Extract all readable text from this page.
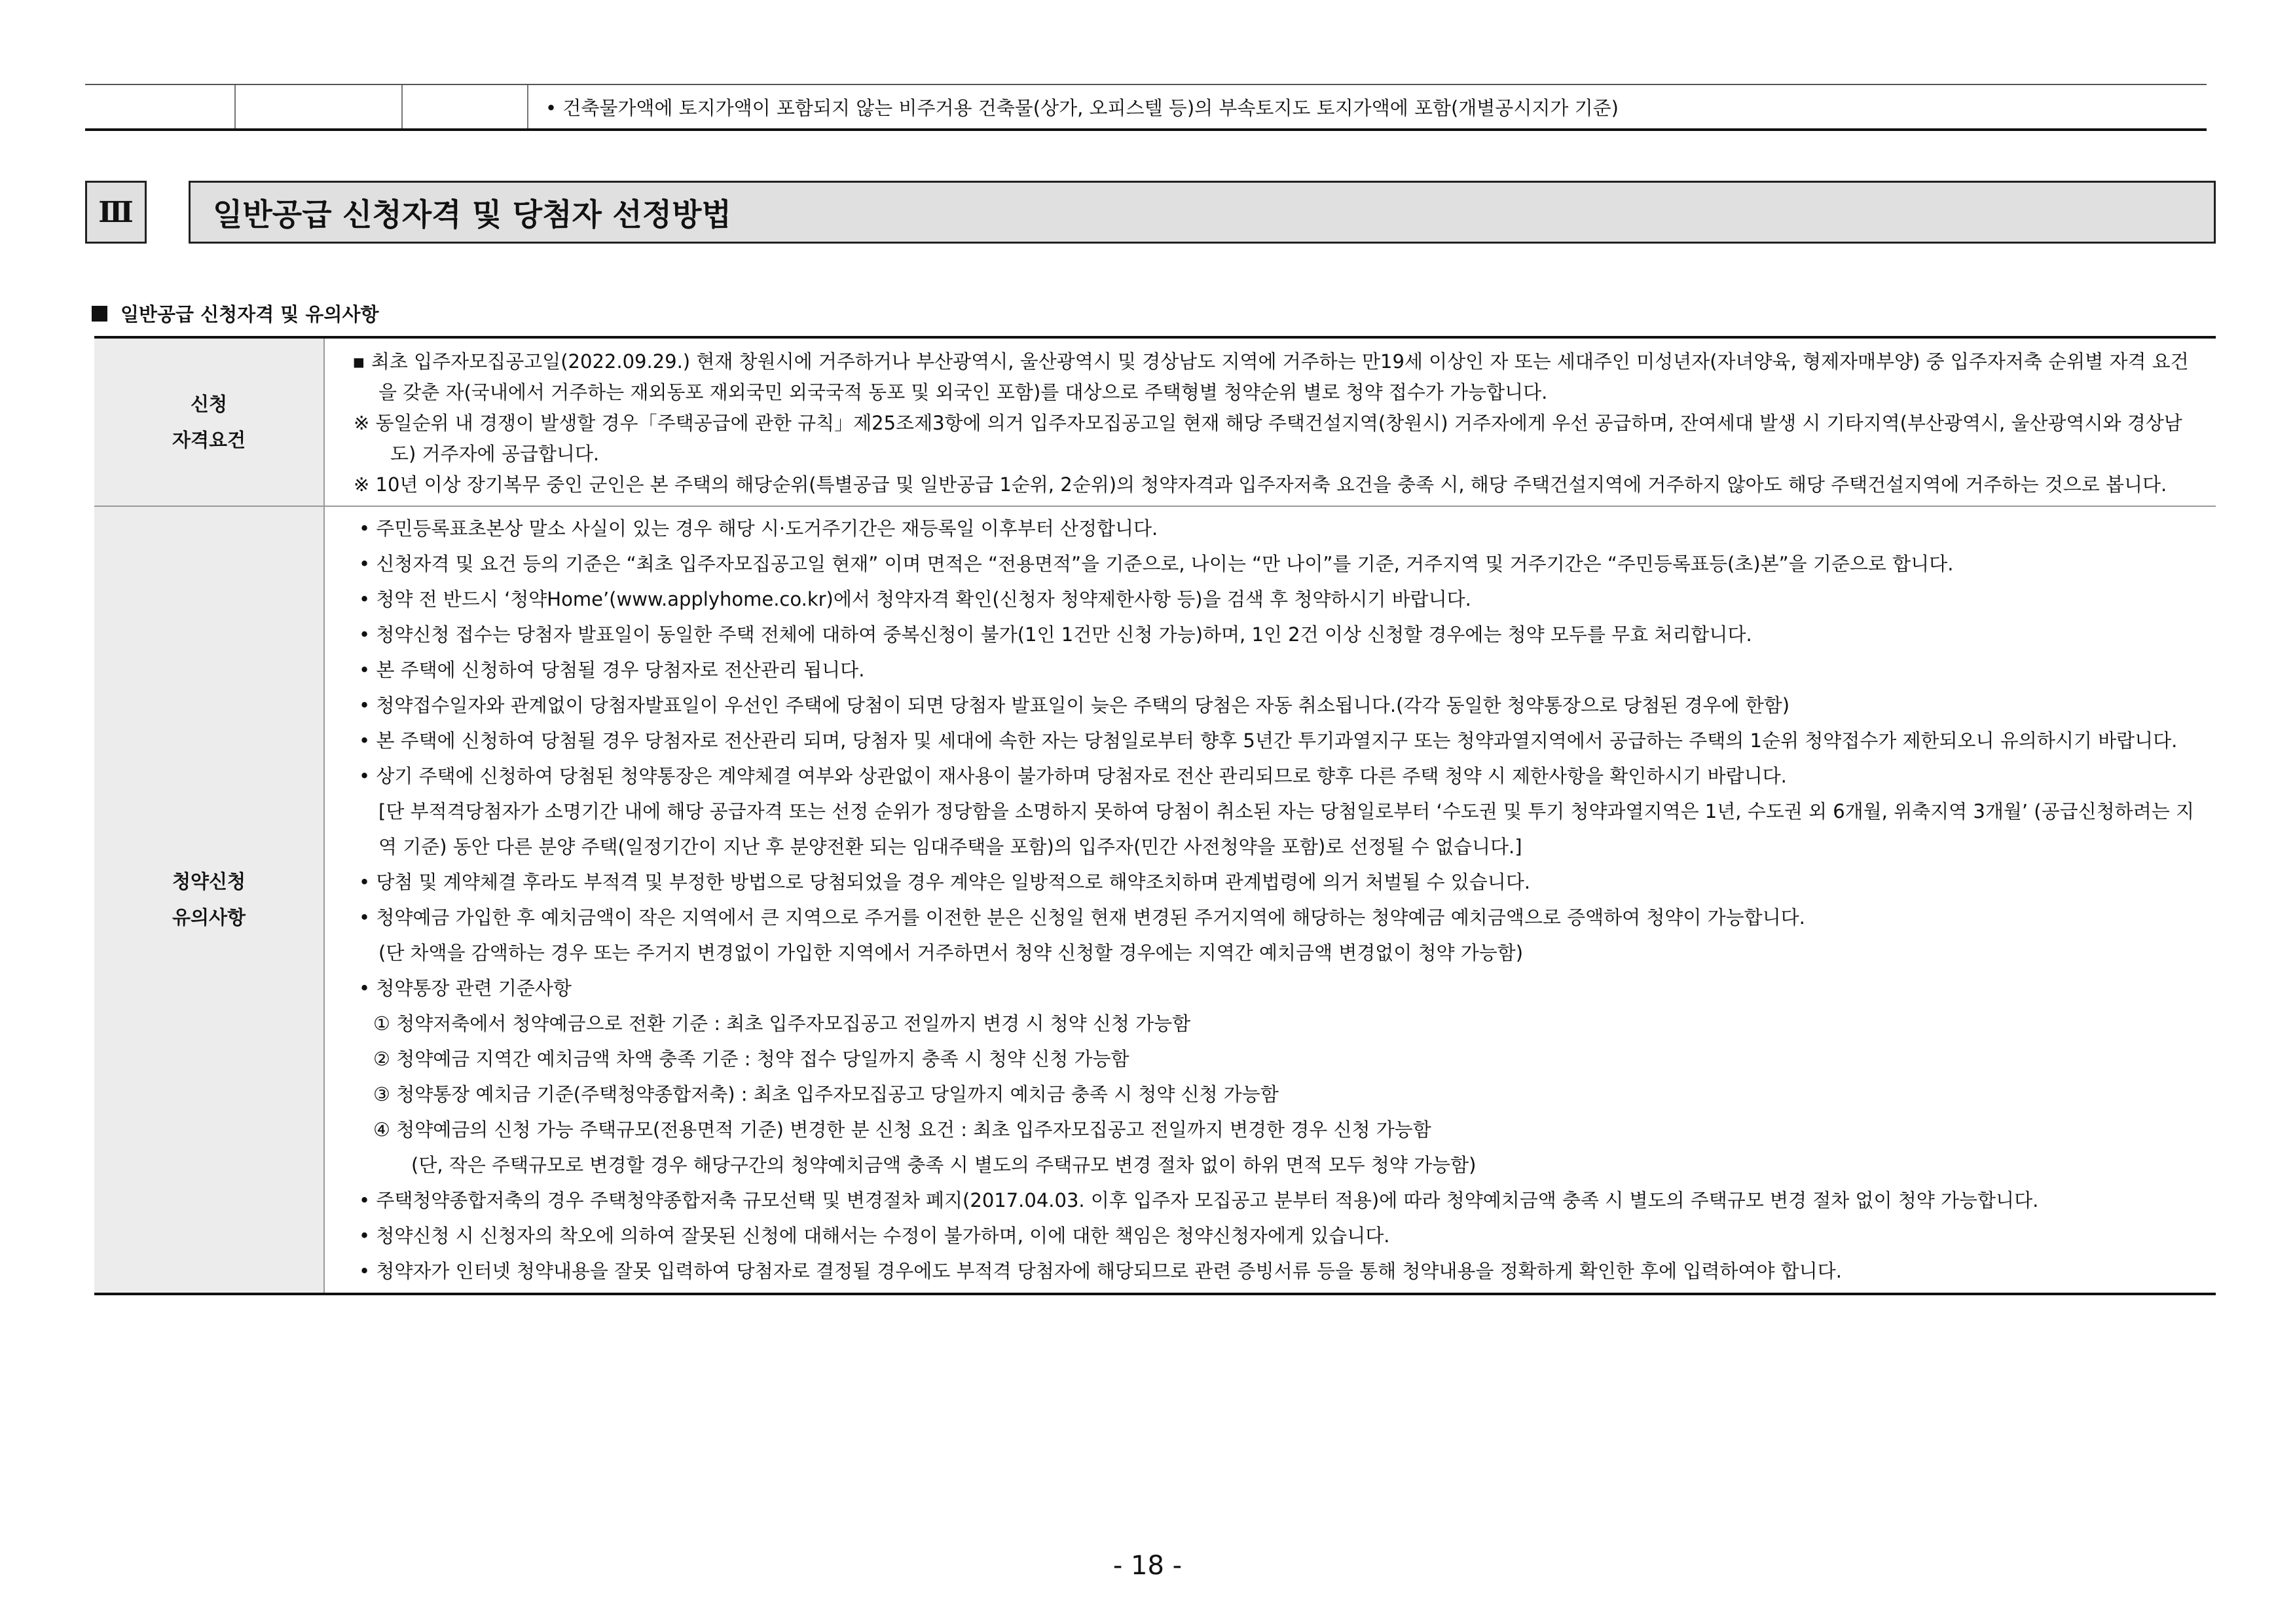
• 건축물가액에 토지가액이 포함되지 않는 비주거용 건축물(상가, 오피스텔 등)의 부속토지도 토지가액에 포함(개별공시지가 기준)
Ⅲ	일반공급 신청자격 및 당첨자 선정방법
일반공급 신청자격 및 유의사항
신청
자격요건

▪ 최초 입주자모집공고일(2022.09.29.) 현재 창원시에 거주하거나 부산광역시, 울산광역시 및 경상남도 지역에 거주하는 만19세 이상인 자 또는 세대주인 미성년자(자녀양육, 형제자매부양) 중 입주자저축 순위별 자격 요건을 갖춘 자(국내에서 거주하는 재외동포 재외국민 외국국적 동포 및 외국인 포함)를 대상으로 주택형별 청약순위 별로 청약 접수가 가능합니다.

※ 동일순위 내 경쟁이 발생할 경우「주택공급에 관한 규칙」제25조제3항에 의거 입주자모집공고일 현재 해당 주택건설지역(창원시) 거주자에게 우선 공급하며, 잔여세대 발생 시 기타지역(부산광역시, 울산광역시와 경상남도) 거주자에 공급합니다.

※ 10년 이상 장기복무 중인 군인은 본 주택의 해당순위(특별공급 및 일반공급 1순위, 2순위)의 청약자격과 입주자저축 요건을 충족 시, 해당 주택건설지역에 거주하지 않아도 해당 주택건설지역에 거주하는 것으로 봅니다.

청약신청
유의사항

• 주민등록표초본상 말소 사실이 있는 경우 해당 시·도거주기간은 재등록일 이후부터 산정합니다.

• 신청자격 및 요건 등의 기준은 “최초 입주자모집공고일 현재” 이며 면적은 “전용면적”을 기준으로, 나이는 “만 나이”를 기준, 거주지역 및 거주기간은 “주민등록표등(초)본”을 기준으로 합니다.

• 청약 전 반드시 ‘청약Home’(www.applyhome.co.kr)에서 청약자격 확인(신청자 청약제한사항 등)을 검색 후 청약하시기 바랍니다.

• 청약신청 접수는 당첨자 발표일이 동일한 주택 전체에 대하여 중복신청이 불가(1인 1건만 신청 가능)하며, 1인 2건 이상 신청할 경우에는 청약 모두를 무효 처리합니다.

• 본 주택에 신청하여 당첨될 경우 당첨자로 전산관리 됩니다.

• 청약접수일자와 관계없이 당첨자발표일이 우선인 주택에 당첨이 되면 당첨자 발표일이 늦은 주택의 당첨은 자동 취소됩니다.(각각 동일한 청약통장으로 당첨된 경우에 한함)

• 본 주택에 신청하여 당첨될 경우 당첨자로 전산관리 되며, 당첨자 및 세대에 속한 자는 당첨일로부터 향후 5년간 투기과열지구 또는 청약과열지역에서 공급하는 주택의 1순위 청약접수가 제한되오니 유의하시기 바랍니다.

• 상기 주택에 신청하여 당첨된 청약통장은 계약체결 여부와 상관없이 재사용이 불가하며 당첨자로 전산 관리되므로 향후 다른 주택 청약 시 제한사항을 확인하시기 바랍니다.

[단 부적격당첨자가 소명기간 내에 해당 공급자격 또는 선정 순위가 정당함을 소명하지 못하여 당첨이 취소된 자는 당첨일로부터 ‘수도권 및 투기 청약과열지역은 1년, 수도권 외 6개월, 위축지역 3개월’ (공급신청하려는 지역 기준) 동안 다른 분양 주택(일정기간이 지난 후 분양전환 되는 임대주택을 포함)의 입주자(민간 사전청약을 포함)로 선정될 수 없습니다.]

• 당첨 및 계약체결 후라도 부적격 및 부정한 방법으로 당첨되었을 경우 계약은 일방적으로 해약조치하며 관계법령에 의거 처벌될 수 있습니다.

• 청약예금 가입한 후 예치금액이 작은 지역에서 큰 지역으로 주거를 이전한 분은 신청일 현재 변경된 주거지역에 해당하는 청약예금 예치금액으로 증액하여 청약이 가능합니다.

(단 차액을 감액하는 경우 또는 주거지 변경없이 가입한 지역에서 거주하면서 청약 신청할 경우에는 지역간 예치금액 변경없이 청약 가능함)

• 청약통장 관련 기준사항

① 청약저축에서 청약예금으로 전환 기준 : 최초 입주자모집공고 전일까지 변경 시 청약 신청 가능함

② 청약예금 지역간 예치금액 차액 충족 기준 : 청약 접수 당일까지 충족 시 청약 신청 가능함

③ 청약통장 예치금 기준(주택청약종합저축) : 최초 입주자모집공고 당일까지 예치금 충족 시 청약 신청 가능함

④ 청약예금의 신청 가능 주택규모(전용면적 기준) 변경한 분 신청 요건 : 최초 입주자모집공고 전일까지 변경한 경우 신청 가능함

(단, 작은 주택규모로 변경할 경우 해당구간의 청약예치금액 충족 시 별도의 주택규모 변경 절차 없이 하위 면적 모두 청약 가능함)

• 주택청약종합저축의 경우 주택청약종합저축 규모선택 및 변경절차 폐지(2017.04.03. 이후 입주자 모집공고 분부터 적용)에 따라 청약예치금액 충족 시 별도의 주택규모 변경 절차 없이 청약 가능합니다.

• 청약신청 시 신청자의 착오에 의하여 잘못된 신청에 대해서는 수정이 불가하며, 이에 대한 책임은 청약신청자에게 있습니다.

• 청약자가 인터넷 청약내용을 잘못 입력하여 당첨자로 결정될 경우에도 부적격 당첨자에 해당되므로 관련 증빙서류 등을 통해 청약내용을 정확하게 확인한 후에 입력하여야 합니다.

- 18 -
